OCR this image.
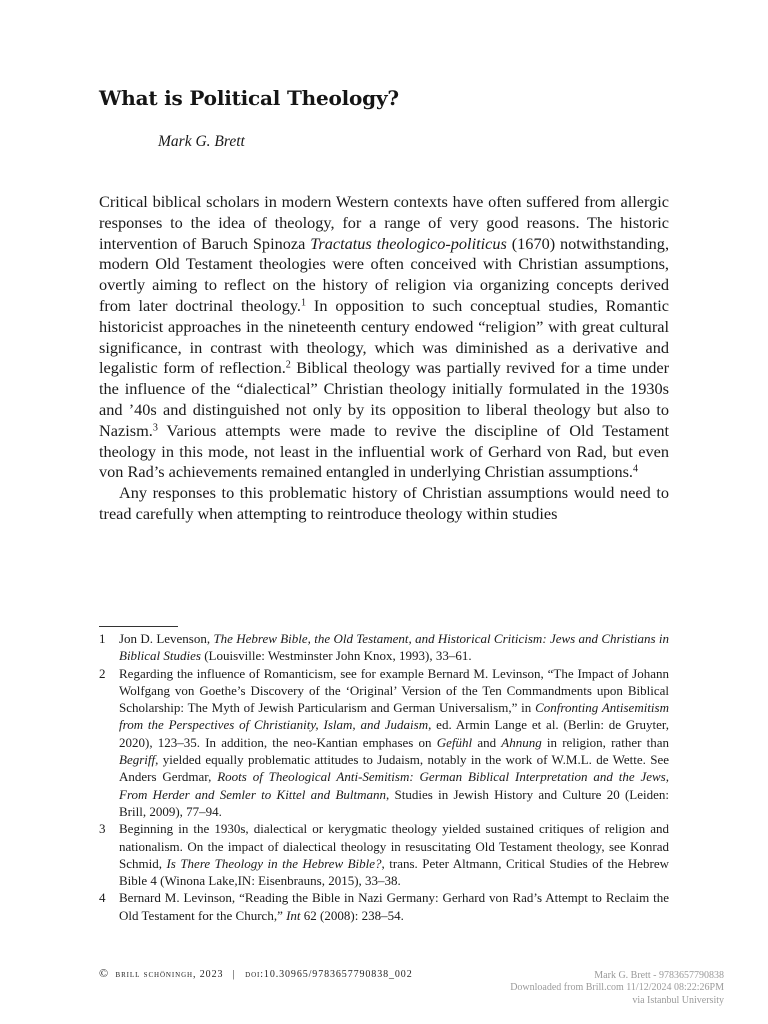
What is Political Theology?
Mark G. Brett

Critical biblical scholars in modern Western contexts have often suffered from allergic responses to the idea of theology, for a range of very good reasons. The historic intervention of Baruch Spinoza Tractatus theologico-politicus (1670) notwithstanding, modern Old Testament theologies were often conceived with Christian assumptions, overtly aiming to reflect on the history of religion via organizing concepts derived from later doctrinal theology.$^1$ In opposition to such conceptual studies, Romantic historicist approaches in the nineteenth century endowed “religion” with great cultural significance, in contrast with theology, which was diminished as a derivative and legalistic form of reflection.$^2$ Biblical theology was partially revived for a time under the influence of the “dialectical” Christian theology initially formulated in the 1930s and ’40s and distinguished not only by its opposition to liberal theology but also to Nazism.$^3$ Various attempts were made to revive the discipline of Old Testament theology in this mode, not least in the influential work of Gerhard von Rad, but even von Rad’s achievements remained entangled in underlying Christian assumptions.$^4$

Any responses to this problematic history of Christian assumptions would need to tread carefully when attempting to reintroduce theology within studies

1 Jon D. Levenson, The Hebrew Bible, the Old Testament, and Historical Criticism: Jews and Christians in Biblical Studies (Louisville: Westminster John Knox, 1993), 33–61.
2 Regarding the influence of Romanticism, see for example Bernard M. Levinson, “The Impact of Johann Wolfgang von Goethe’s Discovery of the ‘Original’ Version of the Ten Commandments upon Biblical Scholarship: The Myth of Jewish Particularism and German Universalism,” in Confronting Antisemitism from the Perspectives of Christianity, Islam, and Judaism, ed. Armin Lange et al. (Berlin: de Gruyter, 2020), 123–35. In addition, the neo-Kantian emphases on Gefühl and Ahnung in religion, rather than Begriff, yielded equally problematic attitudes to Judaism, notably in the work of W.M.L. de Wette. See Anders Gerdmar, Roots of Theological Anti-Semitism: German Biblical Interpretation and the Jews, From Herder and Semler to Kittel and Bultmann, Studies in Jewish History and Culture 20 (Leiden: Brill, 2009), 77–94.
3 Beginning in the 1930s, dialectical or kerygmatic theology yielded sustained critiques of religion and nationalism. On the impact of dialectical theology in resuscitating Old Testament theology, see Konrad Schmid, Is There Theology in the Hebrew Bible?, trans. Peter Altmann, Critical Studies of the Hebrew Bible 4 (Winona Lake,IN: Eisenbrauns, 2015), 33–38.
4 Bernard M. Levinson, “Reading the Bible in Nazi Germany: Gerhard von Rad’s Attempt to Reclaim the Old Testament for the Church,” Int 62 (2008): 238–54.
© brill schöningh, 2023 | doi:10.30965/9783657790838_002	Mark G. Brett - 9783657790838
Downloaded from Brill.com 11/12/2024 08:22:26PM
via Istanbul University
